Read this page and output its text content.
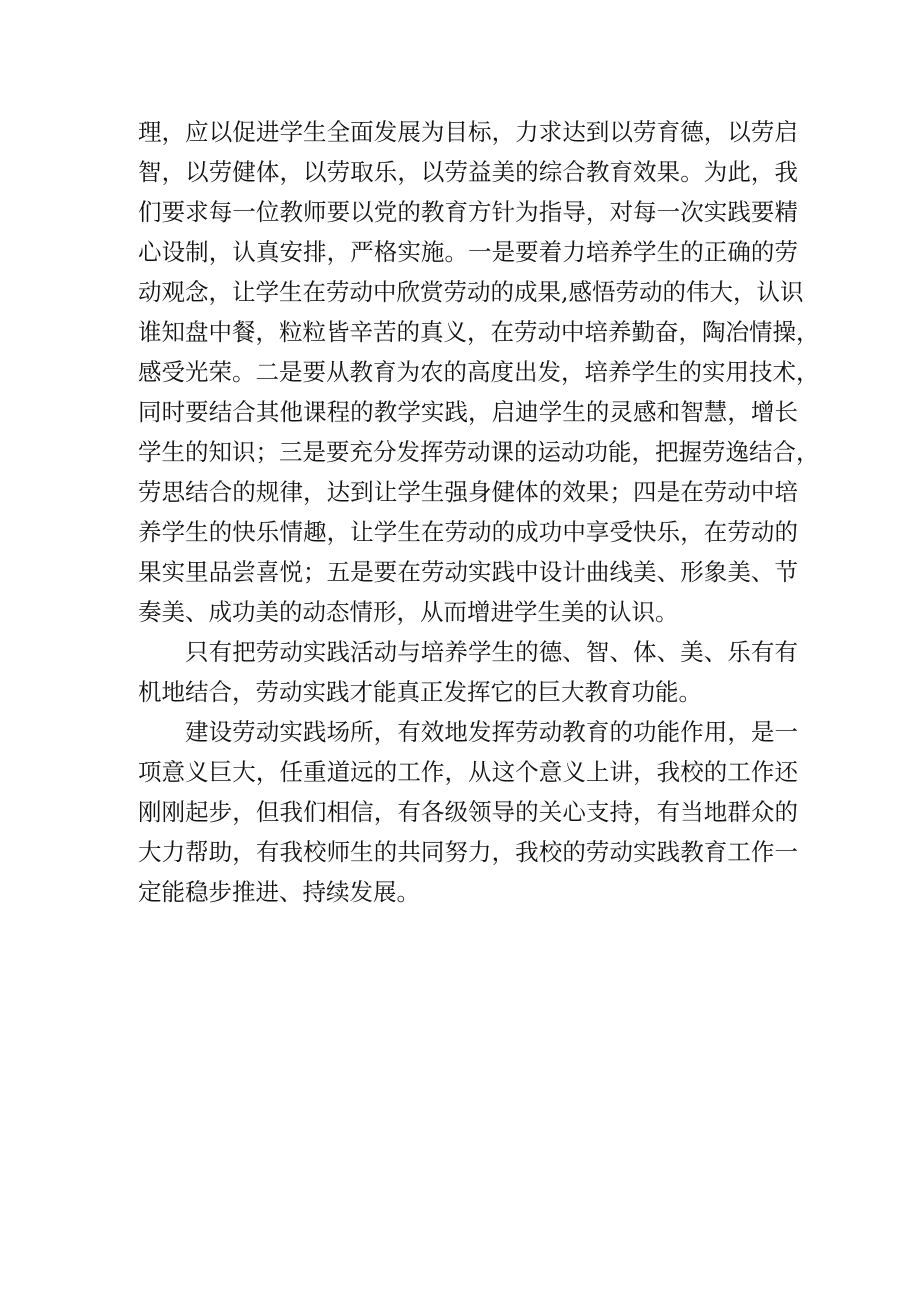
理，应以促进学生全面发展为目标，力求达到以劳育德，以劳启
智，以劳健体，以劳取乐，以劳益美的综合教育效果。为此，我
们要求每一位教师要以党的教育方针为指导，对每一次实践要精
心设制，认真安排，严格实施。一是要着力培养学生的正确的劳
动观念，让学生在劳动中欣赏劳动的成果,感悟劳动的伟大，认识
谁知盘中餐，粒粒皆辛苦的真义，在劳动中培养勤奋，陶冶情操，
感受光荣。二是要从教育为农的高度出发，培养学生的实用技术，
同时要结合其他课程的教学实践，启迪学生的灵感和智慧，增长
学生的知识；三是要充分发挥劳动课的运动功能，把握劳逸结合，
劳思结合的规律，达到让学生强身健体的效果；四是在劳动中培
养学生的快乐情趣，让学生在劳动的成功中享受快乐，在劳动的
果实里品尝喜悦；五是要在劳动实践中设计曲线美、形象美、节
奏美、成功美的动态情形，从而增进学生美的认识。
只有把劳动实践活动与培养学生的德、智、体、美、乐有有
机地结合，劳动实践才能真正发挥它的巨大教育功能。
建设劳动实践场所，有效地发挥劳动教育的功能作用，是一
项意义巨大，任重道远的工作，从这个意义上讲，我校的工作还
刚刚起步，但我们相信，有各级领导的关心支持，有当地群众的
大力帮助，有我校师生的共同努力，我校的劳动实践教育工作一
定能稳步推进、持续发展。
